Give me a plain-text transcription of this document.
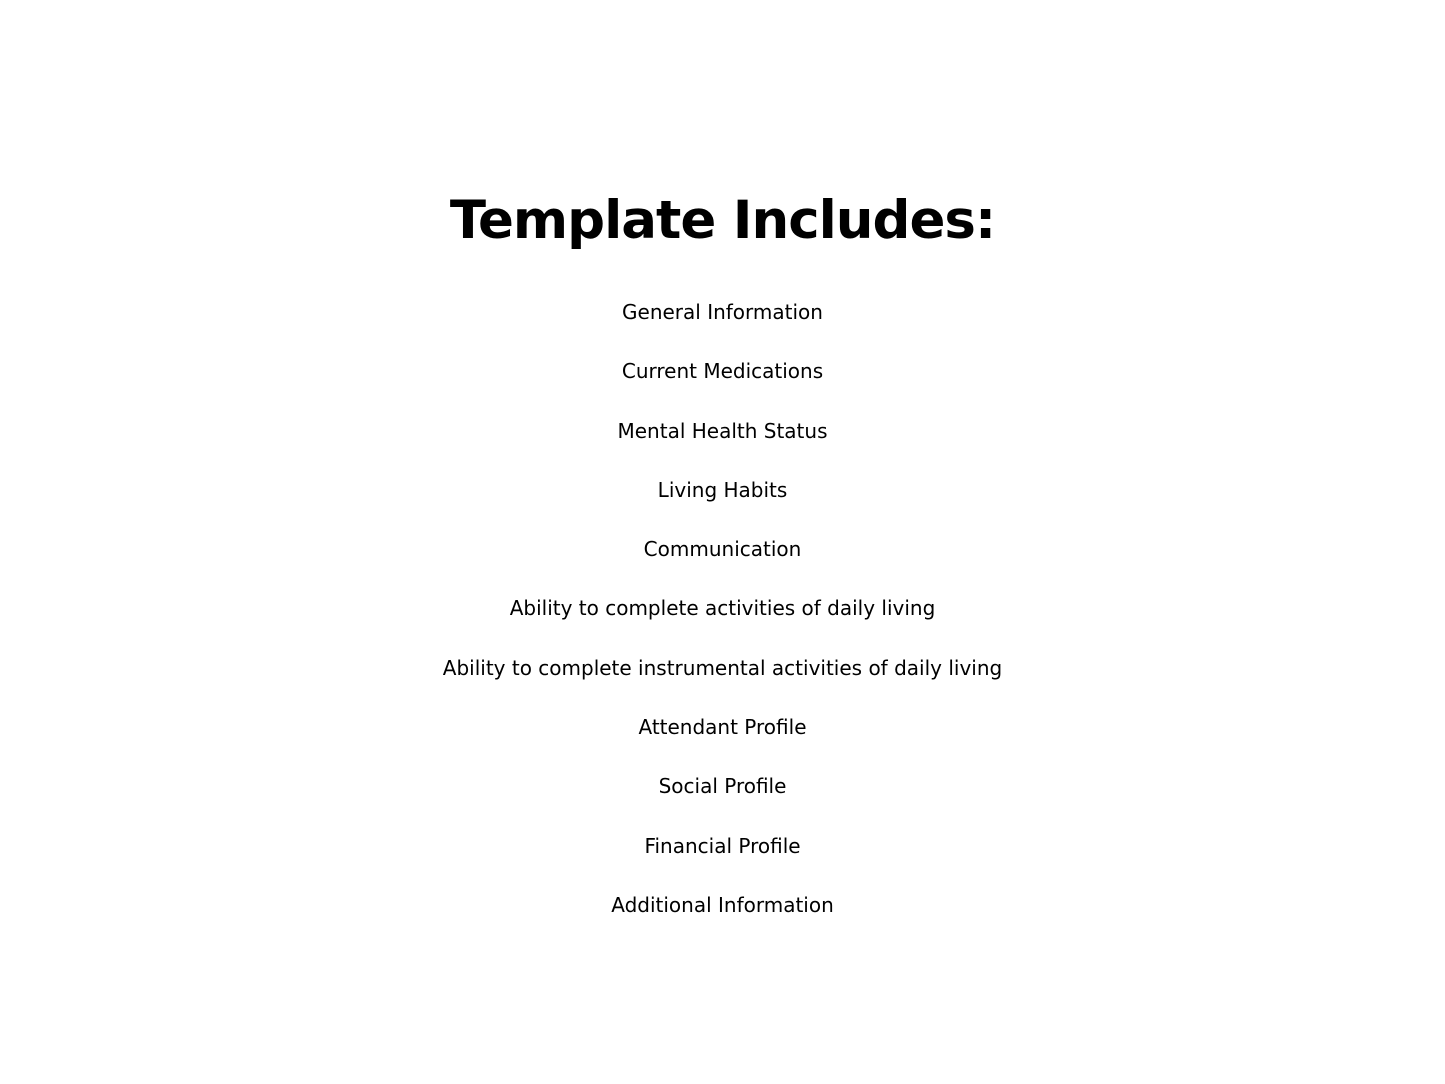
Template Includes:
General Information
Current Medications
Mental Health Status
Living Habits
Communication
Ability to complete activities of daily living
Ability to complete instrumental activities of daily living
Attendant Profile
Social Profile
Financial Profile
Additional Information
